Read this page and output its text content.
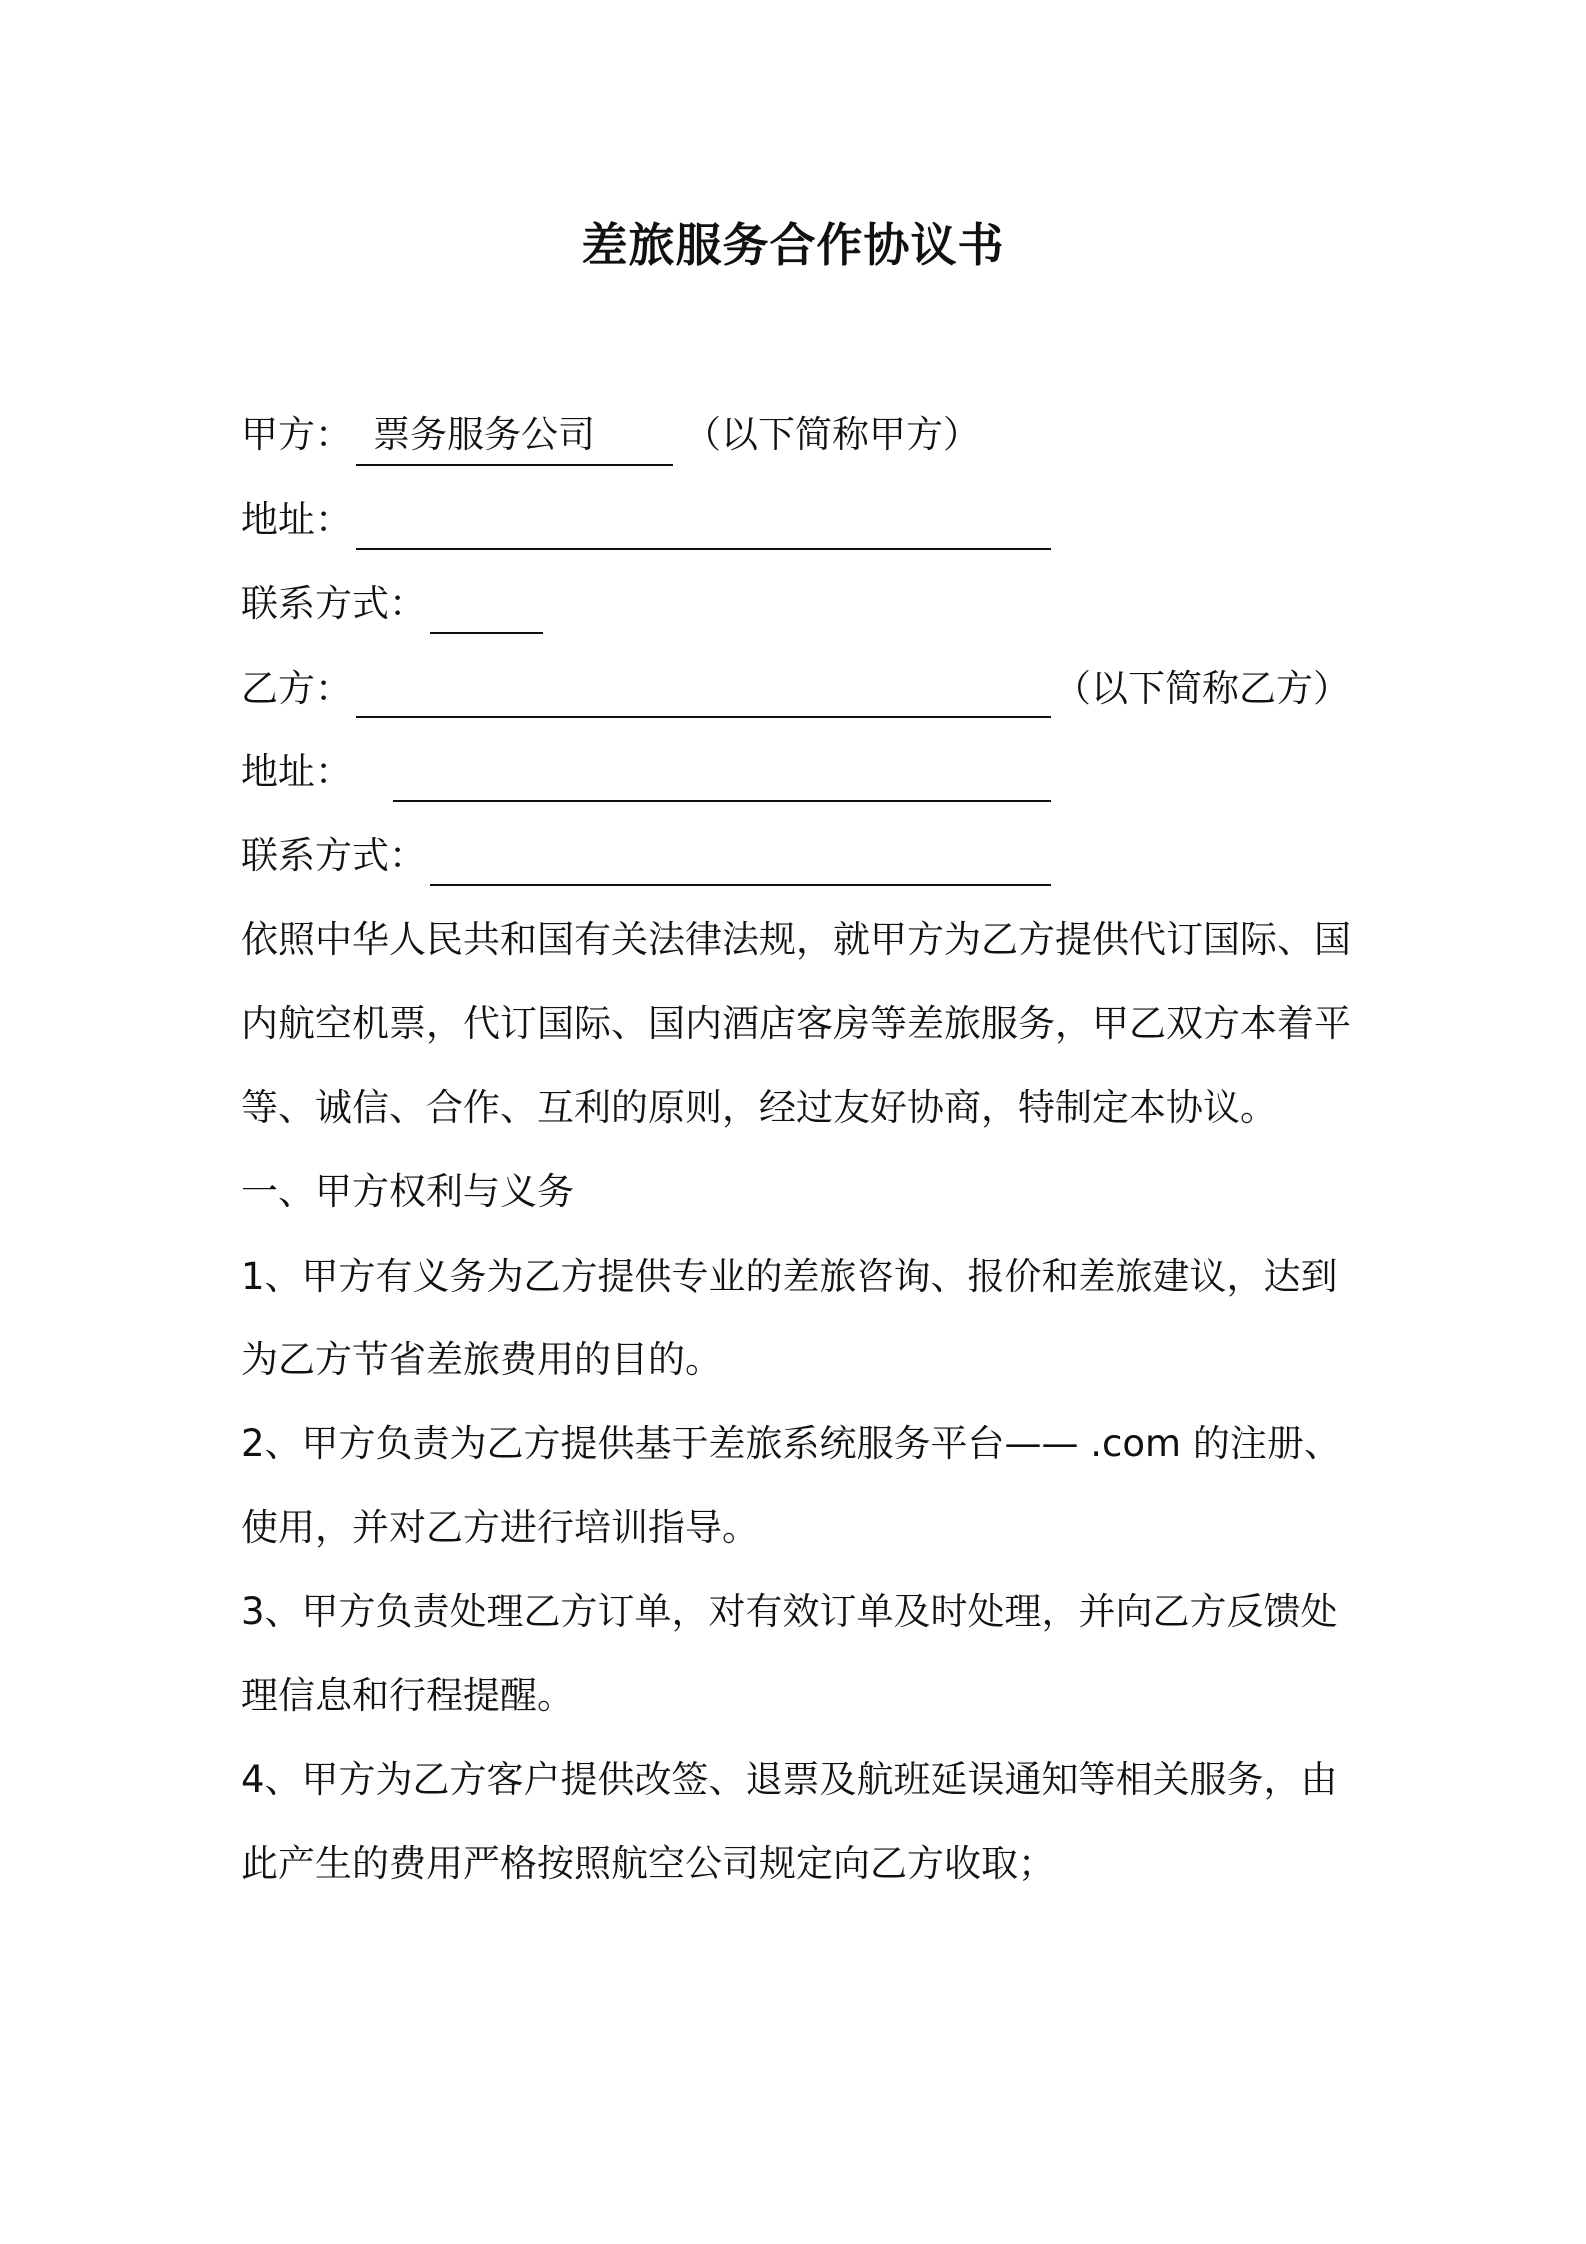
差旅服务合作协议书
甲方： 票务服务公司 （以下简称甲方）
地址：
联系方式：
乙方：	（以下简称乙方）
地址：
联系方式：
依照中华人民共和国有关法律法规，就甲方为乙方提供代订国际、国
内航空机票，代订国际、国内酒店客房等差旅服务，甲乙双方本着平
等、诚信、合作、互利的原则，经过友好协商，特制定本协议。
一、甲方权利与义务
1、甲方有义务为乙方提供专业的差旅咨询、报价和差旅建议，达到
为乙方节省差旅费用的目的。
2、甲方负责为乙方提供基于差旅系统服务平台—— .com 的注册、
使用，并对乙方进行培训指导。
3、甲方负责处理乙方订单，对有效订单及时处理，并向乙方反馈处
理信息和行程提醒。
4、甲方为乙方客户提供改签、退票及航班延误通知等相关服务，由
此产生的费用严格按照航空公司规定向乙方收取；
